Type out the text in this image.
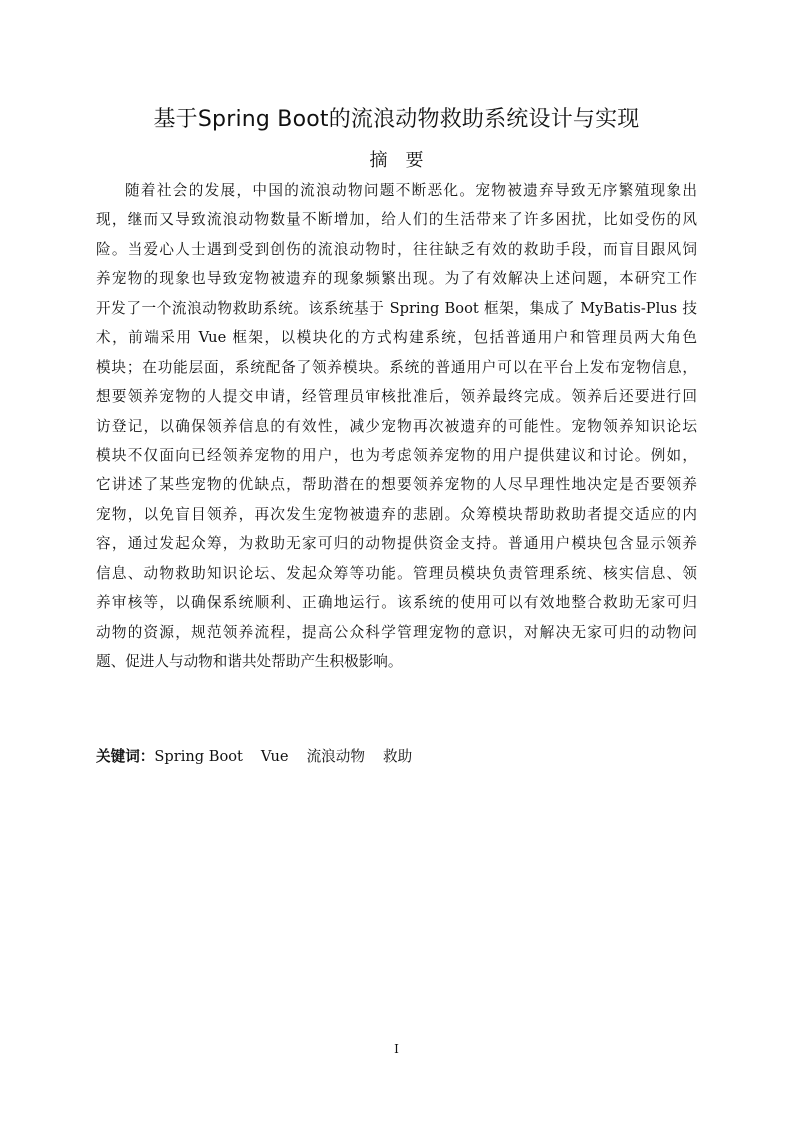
基于Spring Boot的流浪动物救助系统设计与实现
摘 要
随着社会的发展，中国的流浪动物问题不断恶化。宠物被遗弃导致无序繁殖现象出
现，继而又导致流浪动物数量不断增加，给人们的生活带来了许多困扰，比如受伤的风
险。当爱心人士遇到受到创伤的流浪动物时，往往缺乏有效的救助手段，而盲目跟风饲
养宠物的现象也导致宠物被遗弃的现象频繁出现。为了有效解决上述问题，本研究工作
开发了一个流浪动物救助系统。该系统基于 Spring Boot 框架，集成了 MyBatis-Plus 技
术，前端采用 Vue 框架，以模块化的方式构建系统，包括普通用户和管理员两大角色
模块；在功能层面，系统配备了领养模块。系统的普通用户可以在平台上发布宠物信息，
想要领养宠物的人提交申请，经管理员审核批准后，领养最终完成。领养后还要进行回
访登记，以确保领养信息的有效性，减少宠物再次被遗弃的可能性。宠物领养知识论坛
模块不仅面向已经领养宠物的用户，也为考虑领养宠物的用户提供建议和讨论。例如，
它讲述了某些宠物的优缺点，帮助潜在的想要领养宠物的人尽早理性地决定是否要领养
宠物，以免盲目领养，再次发生宠物被遗弃的悲剧。众筹模块帮助救助者提交适应的内
容，通过发起众筹，为救助无家可归的动物提供资金支持。普通用户模块包含显示领养
信息、动物救助知识论坛、发起众筹等功能。管理员模块负责管理系统、核实信息、领
养审核等，以确保系统顺利、正确地运行。该系统的使用可以有效地整合救助无家可归
动物的资源，规范领养流程，提高公众科学管理宠物的意识，对解决无家可归的动物问
题、促进人与动物和谐共处帮助产生积极影响。
关键词：Spring Boot Vue 流浪动物 救助
I
